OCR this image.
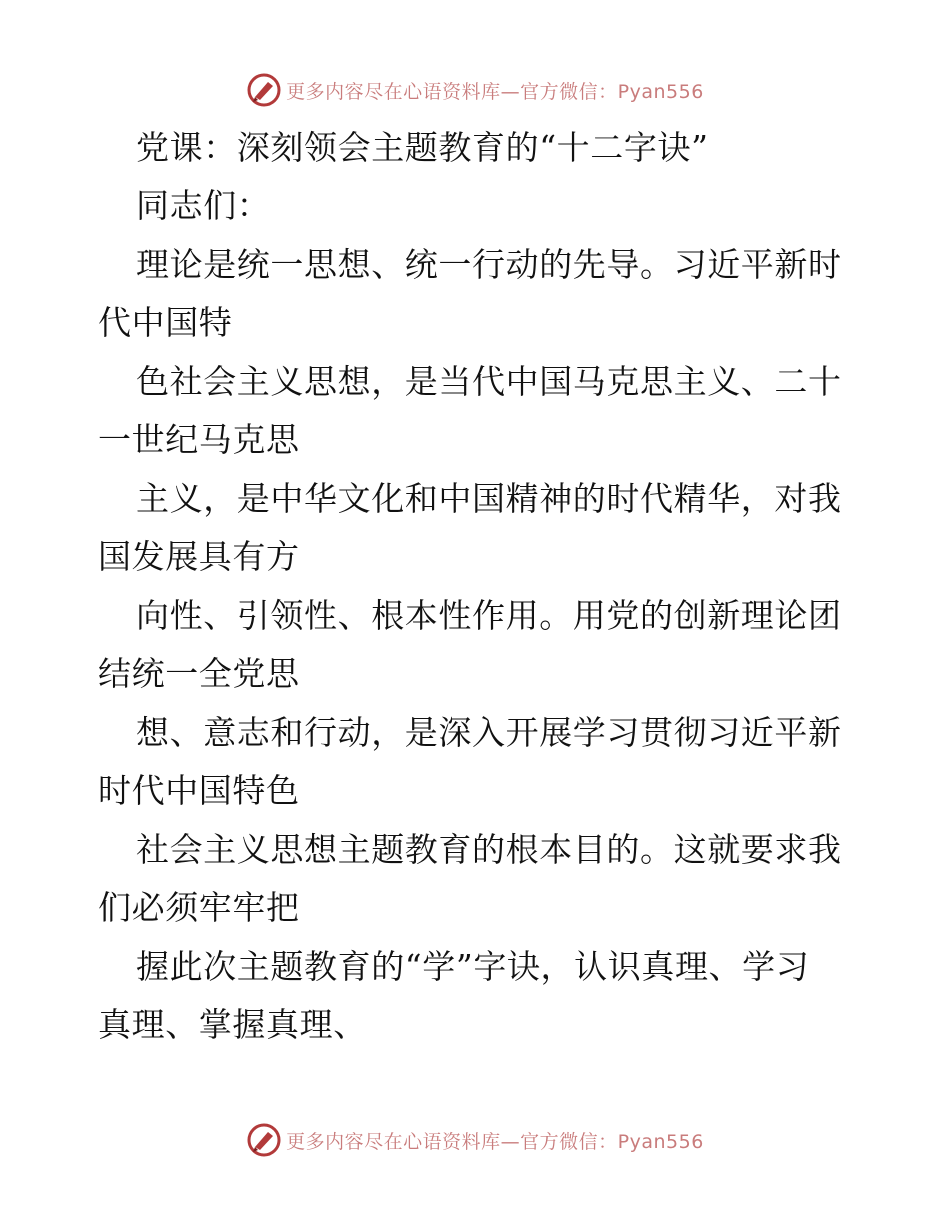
更多内容尽在心语资料库—官方微信：Pyan556
党课：深刻领会主题教育的“十二字诀”
同志们：
理论是统一思想、统一行动的先导。习近平新时
代中国特
色社会主义思想，是当代中国马克思主义、二十
一世纪马克思
主义，是中华文化和中国精神的时代精华，对我
国发展具有方
向性、引领性、根本性作用。用党的创新理论团
结统一全党思
想、意志和行动，是深入开展学习贯彻习近平新
时代中国特色
社会主义思想主题教育的根本目的。这就要求我
们必须牢牢把
握此次主题教育的“学”字诀，认识真理、学习
真理、掌握真理、
更多内容尽在心语资料库—官方微信：Pyan556
